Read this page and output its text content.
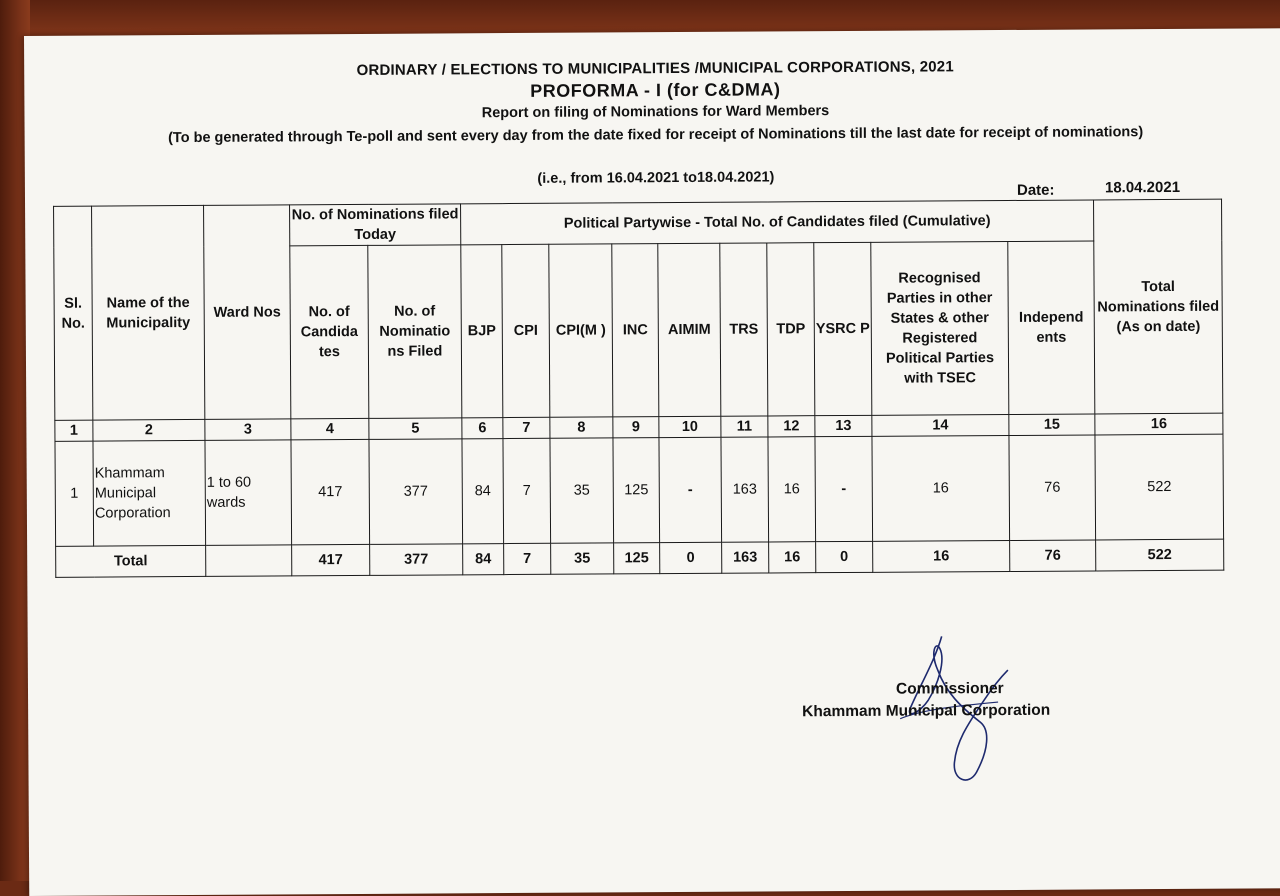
ORDINARY / ELECTIONS TO MUNICIPALITIES /MUNICIPAL CORPORATIONS, 2021
PROFORMA - I (for C&DMA)
Report on filing of Nominations for Ward Members
(To be generated through Te-poll and sent every day from the date fixed for receipt of Nominations till the last date for receipt of nominations)
(i.e., from 16.04.2021 to18.04.2021)
Date:	18.04.2021
Sl. No.	Name of the Municipality	Ward Nos	No. of Nominations filed Today		Political Partywise - Total No. of Candidates filed (Cumulative)										Total Nominations filed (As on date)
			No. of Candida tes	No. of Nominatio ns Filed	BJP	CPI	CPI(M )	INC	AIMIM	TRS	TDP	YSRC P	Recognised Parties in other States & other Registered Political Parties with TSEC	Independ ents	
1	2	3	4	5	6	7	8	9	10	11	12	13	14	15	16
1	Khammam Municipal Corporation	1 to 60 wards	417	377	84	7	35	125	-	163	16	-	16	76	522
Total			417	377	84	7	35	125	0	163	16	0	16	76	522
Commissioner
Khammam Municipal Corporation
